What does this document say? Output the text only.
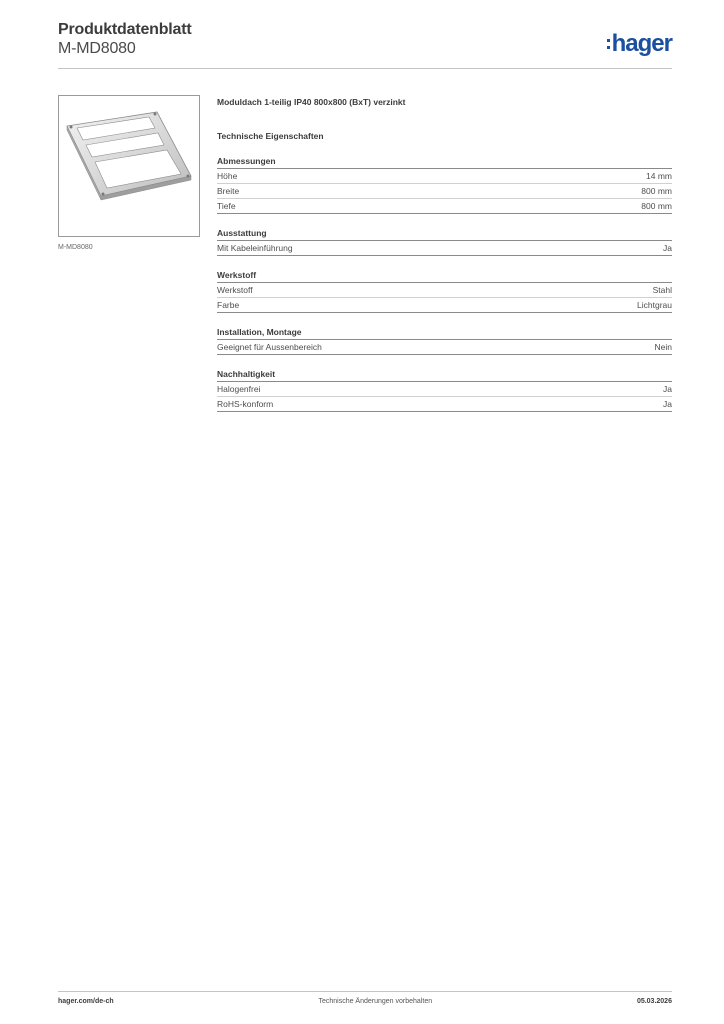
Produktdatenblatt
M-MD8080	hager
M-MD8080
Moduldach 1-teilig IP40 800x800 (BxT) verzinkt
Technische Eigenschaften
Abmessungen
Höhe	14 mm
Breite	800 mm
Tiefe	800 mm
Ausstattung
Mit Kabeleinführung	Ja
Werkstoff
Werkstoff	Stahl
Farbe	Lichtgrau
Installation, Montage
Geeignet für Aussenbereich	Nein
Nachhaltigkeit
Halogenfrei	Ja
RoHS-konform	Ja
hager.com/de-ch	Technische Änderungen vorbehalten	05.03.2026
